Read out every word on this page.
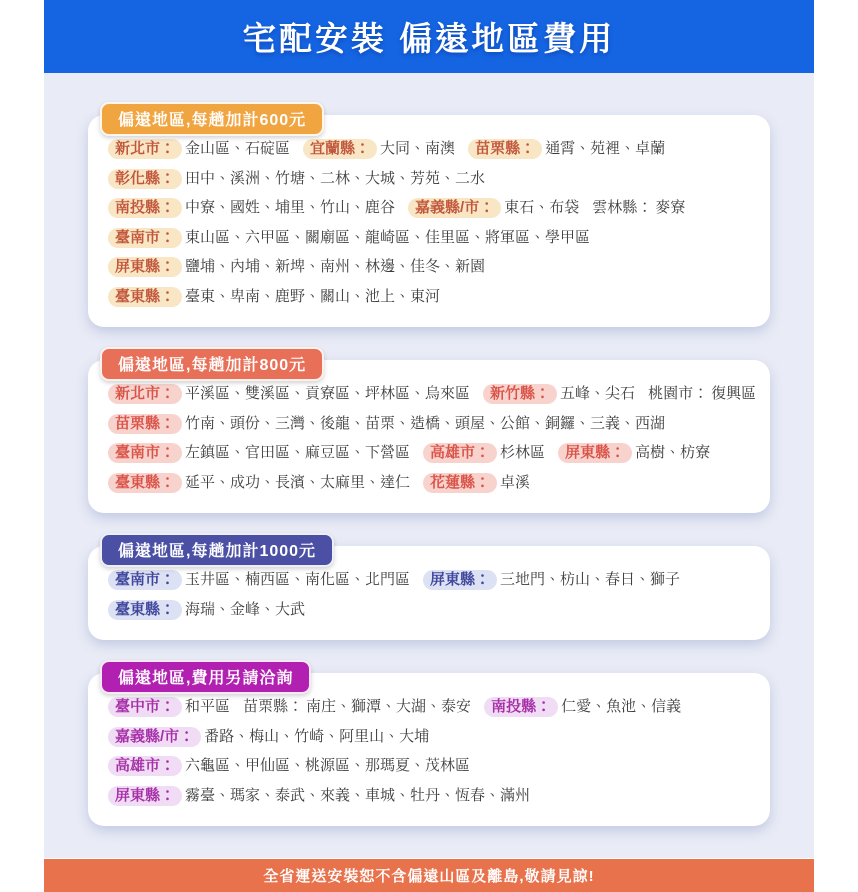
宅配安裝 偏遠地區費用
偏遠地區,每趟加計600元
新北市： 金山區、石碇區 宜蘭縣： 大同、南澳 苗栗縣： 通霄、苑裡、卓蘭
彰化縣： 田中、溪洲、竹塘、二林、大城、芳苑、二水
南投縣： 中寮、國姓、埔里、竹山、鹿谷 嘉義縣/市： 東石、布袋 雲林縣： 麥寮
臺南市： 東山區、六甲區、關廟區、龍崎區、佳里區、將軍區、學甲區
屏東縣： 鹽埔、內埔、新埤、南州、林邊、佳冬、新園
臺東縣： 臺東、卑南、鹿野、關山、池上、東河
偏遠地區,每趟加計800元
新北市： 平溪區、雙溪區、貢寮區、坪林區、烏來區 新竹縣： 五峰、尖石 桃園市： 復興區
苗栗縣： 竹南、頭份、三灣、後龍、苗栗、造橋、頭屋、公館、銅鑼、三義、西湖
臺南市： 左鎮區、官田區、麻豆區、下營區 高雄市： 杉林區 屏東縣： 高樹、枋寮
臺東縣： 延平、成功、長濱、太麻里、達仁 花蓮縣： 卓溪
偏遠地區,每趟加計1000元
臺南市： 玉井區、楠西區、南化區、北門區 屏東縣： 三地門、枋山、春日、獅子
臺東縣： 海瑞、金峰、大武
偏遠地區,費用另請洽詢
臺中市： 和平區 苗栗縣： 南庄、獅潭、大湖、泰安 南投縣： 仁愛、魚池、信義
嘉義縣/市： 番路、梅山、竹崎、阿里山、大埔
高雄市： 六龜區、甲仙區、桃源區、那瑪夏、茂林區
屏東縣： 霧臺、瑪家、泰武、來義、車城、牡丹、恆春、滿州
全省運送安裝恕不含偏遠山區及離島,敬請見諒!
